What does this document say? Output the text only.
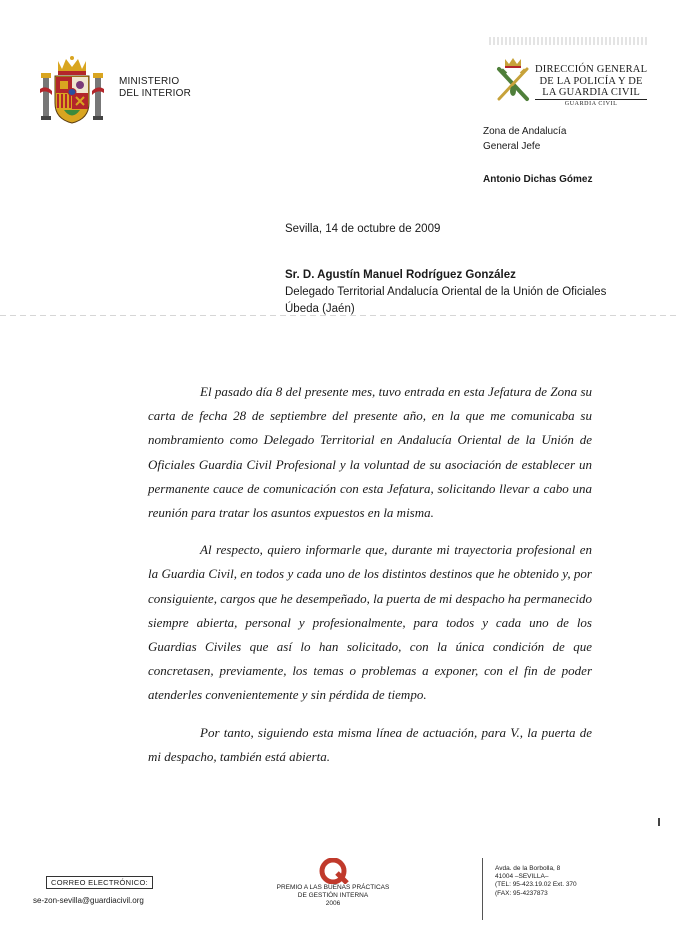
MINISTERIO
DEL INTERIOR
DIRECCIÓN GENERAL
DE LA POLICÍA Y DE
LA GUARDIA CIVIL
GUARDIA CIVIL
Zona de Andalucía
General Jefe
Antonio Dichas Gómez
Sevilla, 14 de octubre de 2009
Sr. D. Agustín Manuel Rodríguez González
Delegado Territorial Andalucía Oriental de la Unión de Oficiales
Úbeda (Jaén)

El pasado día 8 del presente mes, tuvo entrada en esta Jefatura de Zona su carta de fecha 28 de septiembre del presente año, en la que me comunicaba su nombramiento como Delegado Territorial en Andalucía Oriental de la Unión de Oficiales Guardia Civil Profesional y la voluntad de su asociación de establecer un permanente cauce de comunicación con esta Jefatura, solicitando llevar a cabo una reunión para tratar los asuntos expuestos en la misma.

Al respecto, quiero informarle que, durante mi trayectoria profesional en la Guardia Civil, en todos y cada uno de los distintos destinos que he obtenido y, por consiguiente, cargos que he desempeñado, la puerta de mi despacho ha permanecido siempre abierta, personal y profesionalmente, para todos y cada uno de los Guardias Civiles que así lo han solicitado, con la única condición de que concretasen, previamente, los temas o problemas a exponer, con el fin de poder atenderles convenientemente y sin pérdida de tiempo.

Por tanto, siguiendo esta misma línea de actuación, para V., la puerta de mi despacho, también está abierta.

CORREO ELECTRÓNICO:
se-zon-sevilla@guardiacivil.org
PREMIO A LAS BUENAS PRÁCTICAS
DE GESTIÓN INTERNA
2006
Avda. de la Borbolla, 8
41004 –SEVILLA–
(TEL: 95-423.19.02 Ext. 370
(FAX: 95-4237873
